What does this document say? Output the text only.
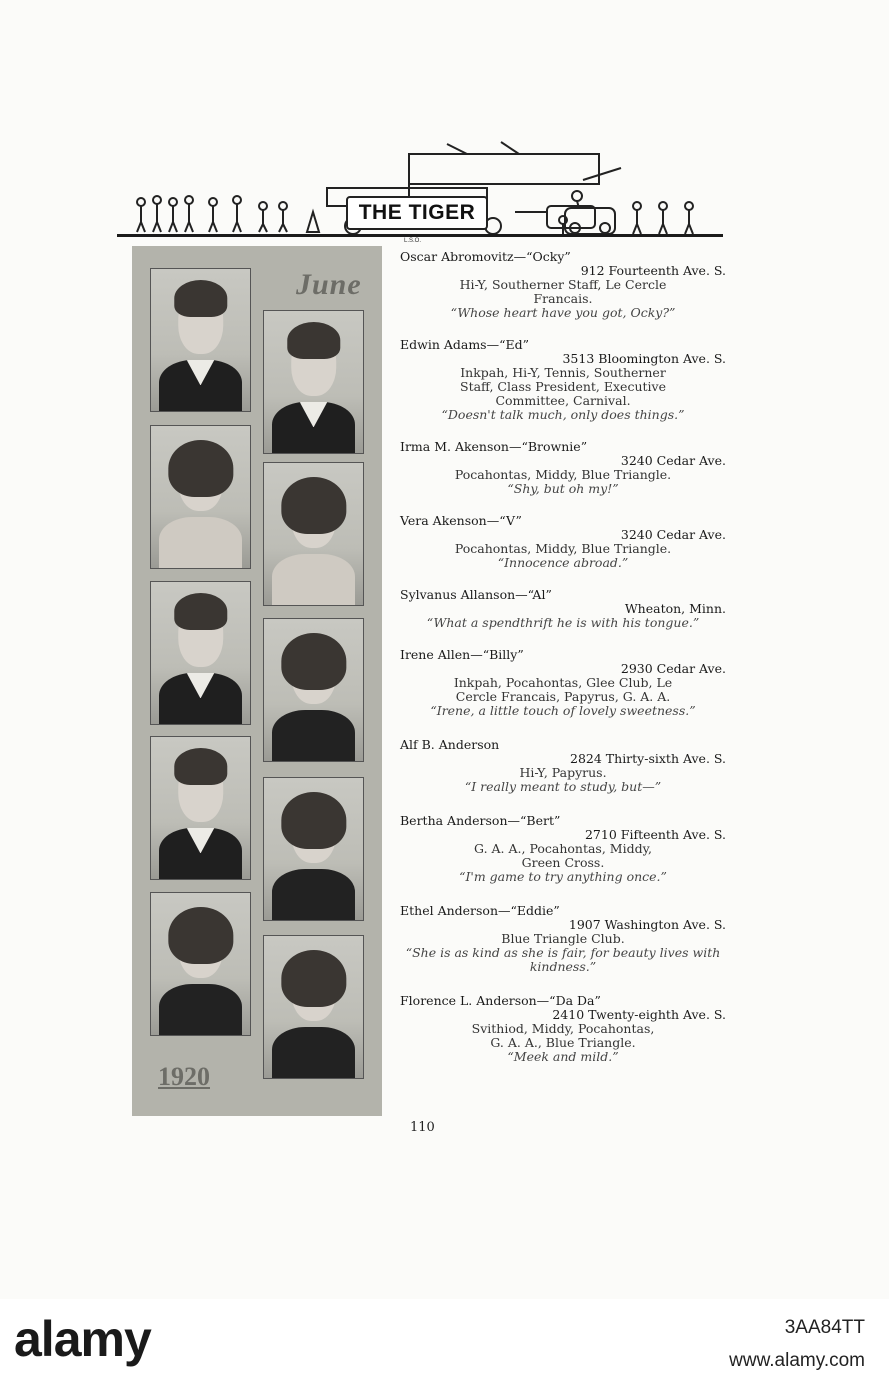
THE TIGER
L.S.O.
June
1920
Oscar Abromovitz—“Ocky”
912 Fourteenth Ave. S.
Hi-Y, Southerner Staff, Le Cercle
Francais.
“Whose heart have you got, Ocky?”
Edwin Adams—“Ed”
3513 Bloomington Ave. S.
Inkpah, Hi-Y, Tennis, Southerner
Staff, Class President, Executive
Committee, Carnival.
“Doesn't talk much, only does things.”
Irma M. Akenson—“Brownie”
3240 Cedar Ave.
Pocahontas, Middy, Blue Triangle.
“Shy, but oh my!”
Vera Akenson—“V”
3240 Cedar Ave.
Pocahontas, Middy, Blue Triangle.
“Innocence abroad.”
Sylvanus Allanson—“Al”
Wheaton, Minn.
“What a spendthrift he is with his tongue.”
Irene Allen—“Billy”
2930 Cedar Ave.
Inkpah, Pocahontas, Glee Club, Le
Cercle Francais, Papyrus, G. A. A.
“Irene, a little touch of lovely sweetness.”
Alf B. Anderson
2824 Thirty-sixth Ave. S.
Hi-Y, Papyrus.
“I really meant to study, but—”
Bertha Anderson—“Bert”
2710 Fifteenth Ave. S.
G. A. A., Pocahontas, Middy,
Green Cross.
“I'm game to try anything once.”
Ethel Anderson—“Eddie”
1907 Washington Ave. S.
Blue Triangle Club.
“She is as kind as she is fair, for beauty lives with kindness.”
Florence L. Anderson—“Da Da”
2410 Twenty-eighth Ave. S.
Svithiod, Middy, Pocahontas,
G. A. A., Blue Triangle.
“Meek and mild.”
110
alamy	3AA84TT
www.alamy.com
